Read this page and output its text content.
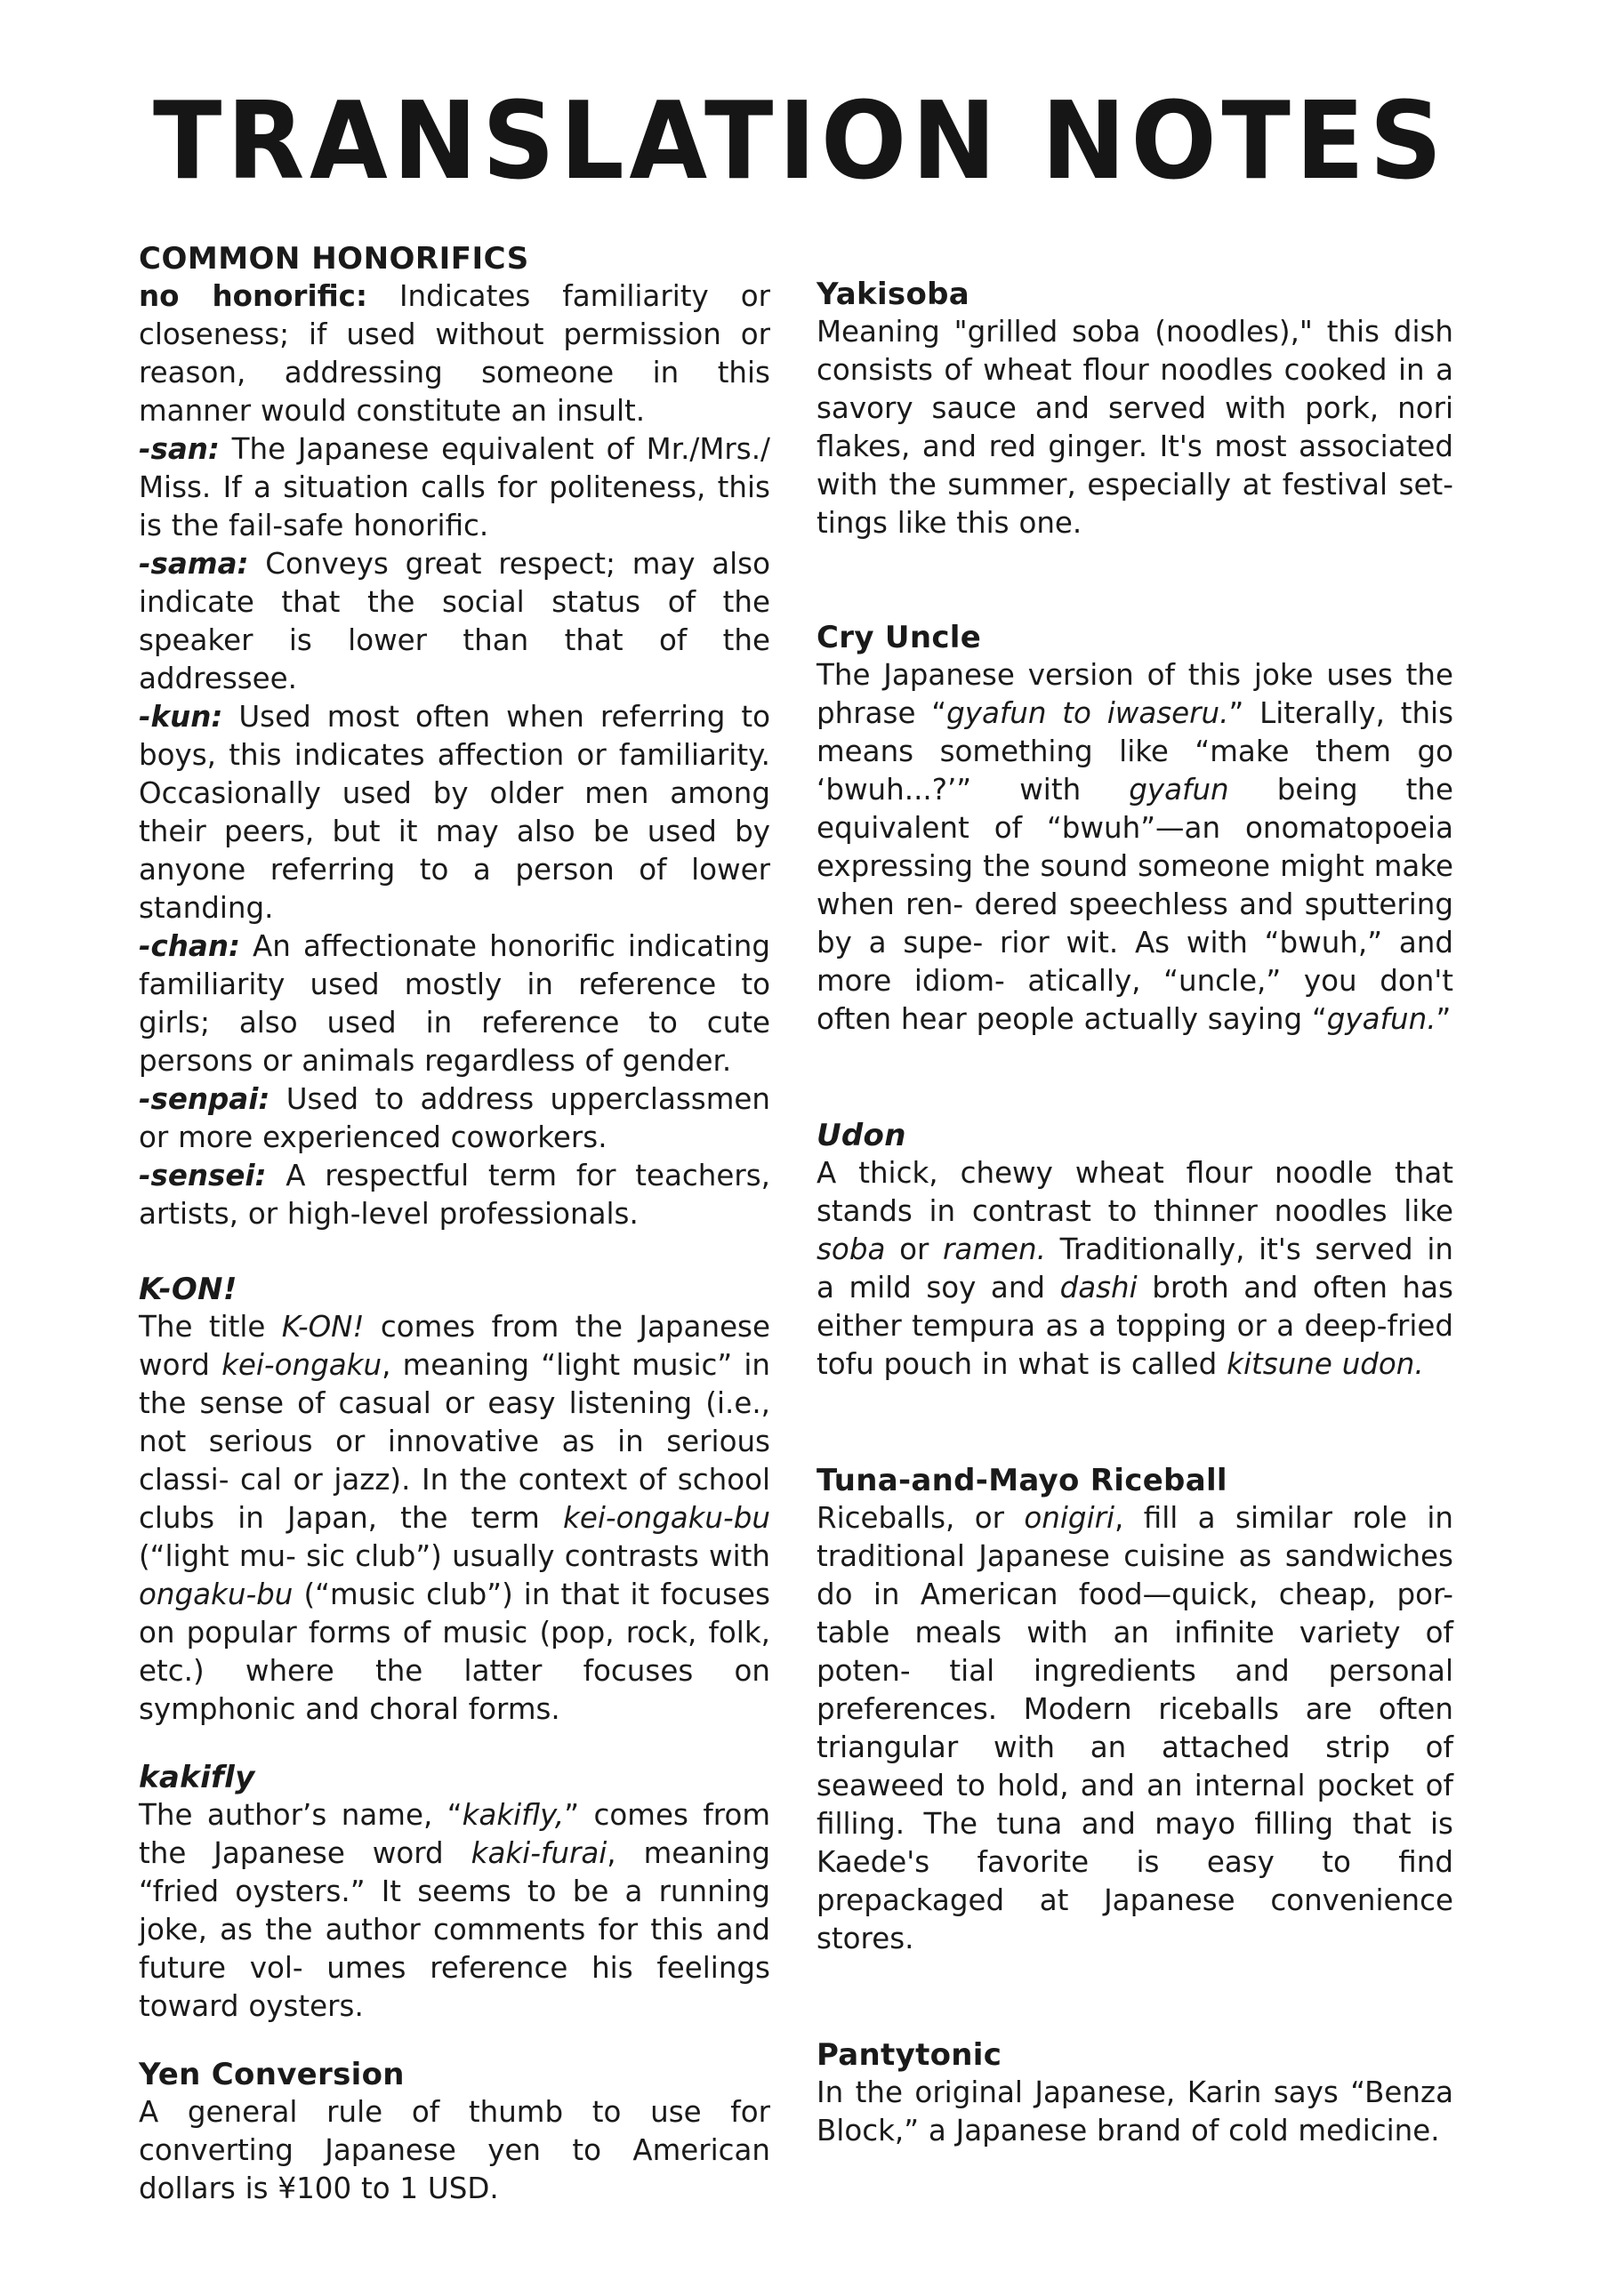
TRANSLATION NOTES
COMMON HONORIFICS

no honorific: Indicates familiarity or closeness; if used without permission or reason, addressing someone in this manner would constitute an insult.

-san: The Japanese equivalent of Mr./Mrs./ Miss. If a situation calls for politeness, this is the fail-safe honorific.

-sama: Conveys great respect; may also indicate that the social status of the speaker is lower than that of the addressee.

-kun: Used most often when referring to boys, this indicates affection or familiarity. Occasionally used by older men among their peers, but it may also be used by anyone referring to a person of lower standing.

-chan: An affectionate honorific indicating familiarity used mostly in reference to girls; also used in reference to cute persons or animals regardless of gender.

-senpai: Used to address upperclassmen or more experienced coworkers.

-sensei: A respectful term for teachers, artists, or high-level professionals.

K-ON!

The title K-ON! comes from the Japanese word kei-ongaku, meaning “light music” in the sense of casual or easy listening (i.e., not serious or innovative as in serious classi- cal or jazz). In the context of school clubs in Japan, the term kei-ongaku-bu (“light mu- sic club”) usually contrasts with ongaku-bu (“music club”) in that it focuses on popular forms of music (pop, rock, folk, etc.) where the latter focuses on symphonic and choral forms.

kakifly

The author’s name, “kakifly,” comes from the Japanese word kaki-furai, meaning “fried oysters.” It seems to be a running joke, as the author comments for this and future vol- umes reference his feelings toward oysters.

Yen Conversion

A general rule of thumb to use for converting Japanese yen to American dollars is ¥100 to 1 USD.

Yakisoba

Meaning "grilled soba (noodles)," this dish consists of wheat flour noodles cooked in a savory sauce and served with pork, nori flakes, and red ginger. It's most associated with the summer, especially at festival set- tings like this one.

Cry Uncle

The Japanese version of this joke uses the phrase “gyafun to iwaseru.” Literally, this means something like “make them go ‘bwuh...?’” with gyafun being the equivalent of “bwuh”—an onomatopoeia expressing the sound someone might make when ren- dered speechless and sputtering by a supe- rior wit. As with “bwuh,” and more idiom- atically, “uncle,” you don't often hear people actually saying “gyafun.”

Udon

A thick, chewy wheat flour noodle that stands in contrast to thinner noodles like soba or ramen. Traditionally, it's served in a mild soy and dashi broth and often has either tempura as a topping or a deep-fried tofu pouch in what is called kitsune udon.

Tuna-and-Mayo Riceball

Riceballs, or onigiri, fill a similar role in traditional Japanese cuisine as sandwiches do in American food—quick, cheap, por- table meals with an infinite variety of poten- tial ingredients and personal preferences. Modern riceballs are often triangular with an attached strip of seaweed to hold, and an internal pocket of filling. The tuna and mayo filling that is Kaede's favorite is easy to find prepackaged at Japanese convenience stores.

Pantytonic

In the original Japanese, Karin says “Benza Block,” a Japanese brand of cold medicine.
